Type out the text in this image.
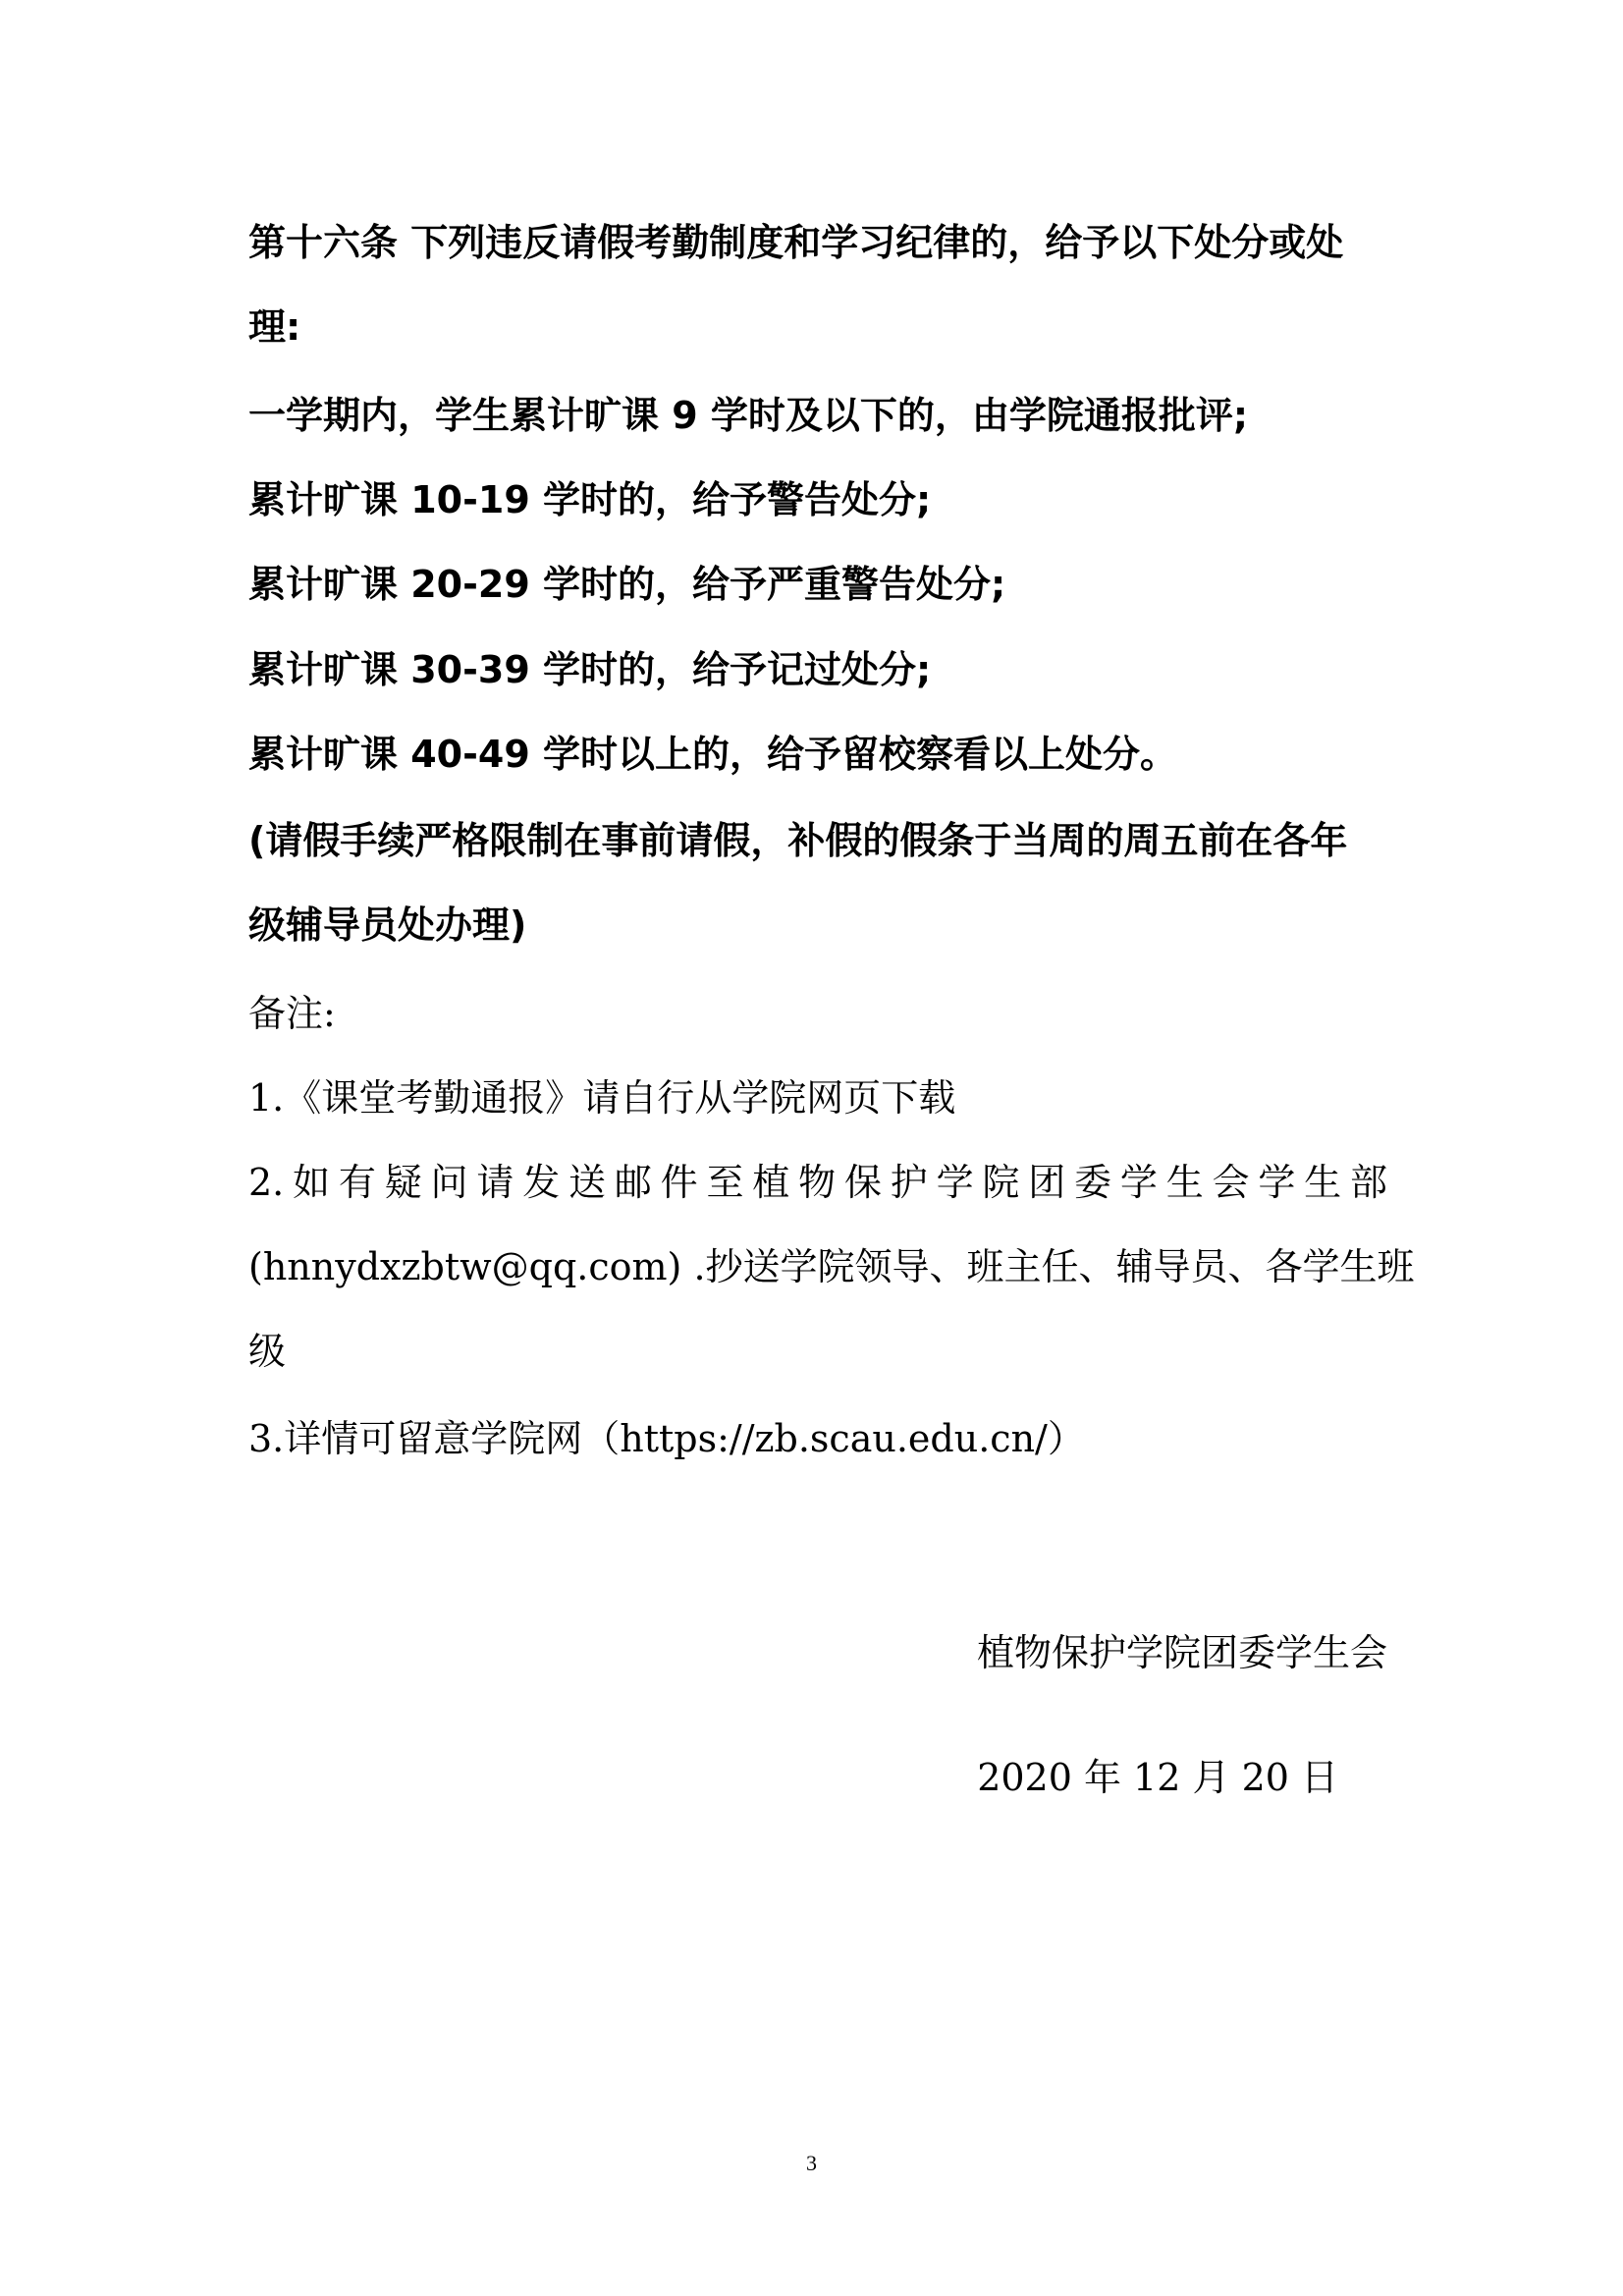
第十六条 下列违反请假考勤制度和学习纪律的，给予以下处分或处
理:
一学期内，学生累计旷课 9 学时及以下的，由学院通报批评;
累计旷课 10-19 学时的，给予警告处分;
累计旷课 20-29 学时的，给予严重警告处分;
累计旷课 30-39 学时的，给予记过处分;
累计旷课 40-49 学时以上的，给予留校察看以上处分。
(请假手续严格限制在事前请假，补假的假条于当周的周五前在各年
级辅导员处办理)
备注:
1.《课堂考勤通报》请自行从学院网页下载
2.如有疑问请发送邮件至植物保护学院团委学生会学生部
(hnnydxzbtw@qq.com) .抄送学院领导、班主任、辅导员、各学生班
级
3.详情可留意学院网（https://zb.scau.edu.cn/）
植物保护学院团委学生会
2020 年 12 月 20 日
3
